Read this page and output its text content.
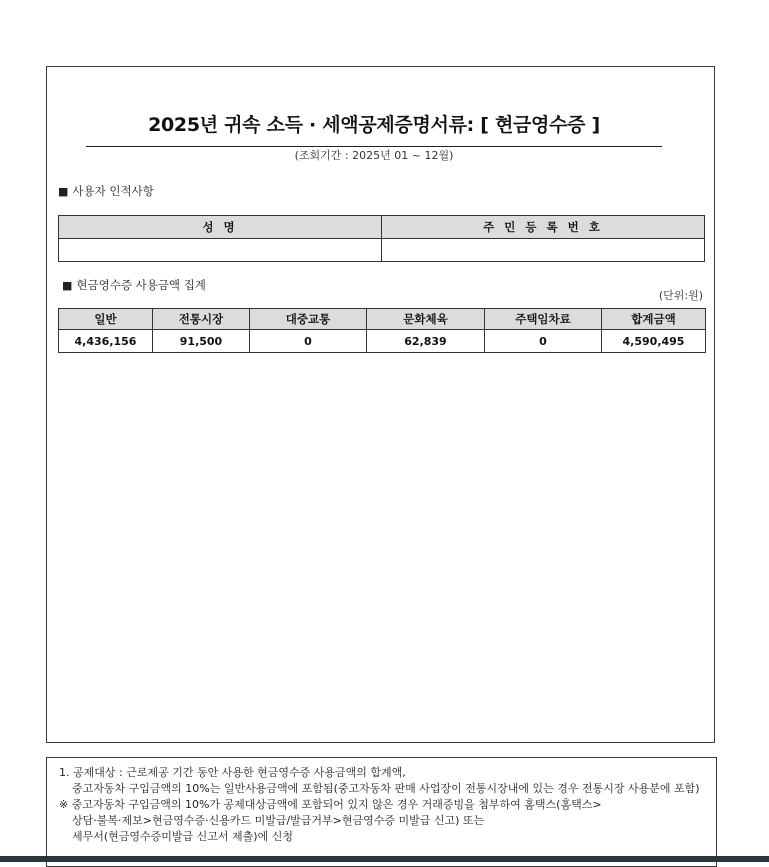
2025년 귀속 소득 · 세액공제증명서류: [ 현금영수증 ]
(조회기간 : 2025년 01 ~ 12월)
■ 사용자 인적사항
성 명	주 민 등 록 번 호

■ 현금영수증 사용금액 집계
(단위:원)
일반	전통시장	대중교통	문화체육	주택임차료	합계금액
4,436,156	91,500	0	62,839	0	4,590,495

1. 공제대상 : 근로제공 기간 동안 사용한 현금영수증 사용금액의 합계액,

중고자동차 구입금액의 10%는 일반사용금액에 포함됨(중고자동차 판매 사업장이 전통시장내에 있는 경우 전통시장 사용분에 포함)

※ 중고자동차 구입금액의 10%가 공제대상금액에 포함되어 있지 않은 경우 거래증빙을 첨부하여 홈택스(홈택스>

상담·불복·제보>현금영수증·신용카드 미발급/발급거부>현금영수증 미발급 신고) 또는

세무서(현금영수증미발급 신고서 제출)에 신청
